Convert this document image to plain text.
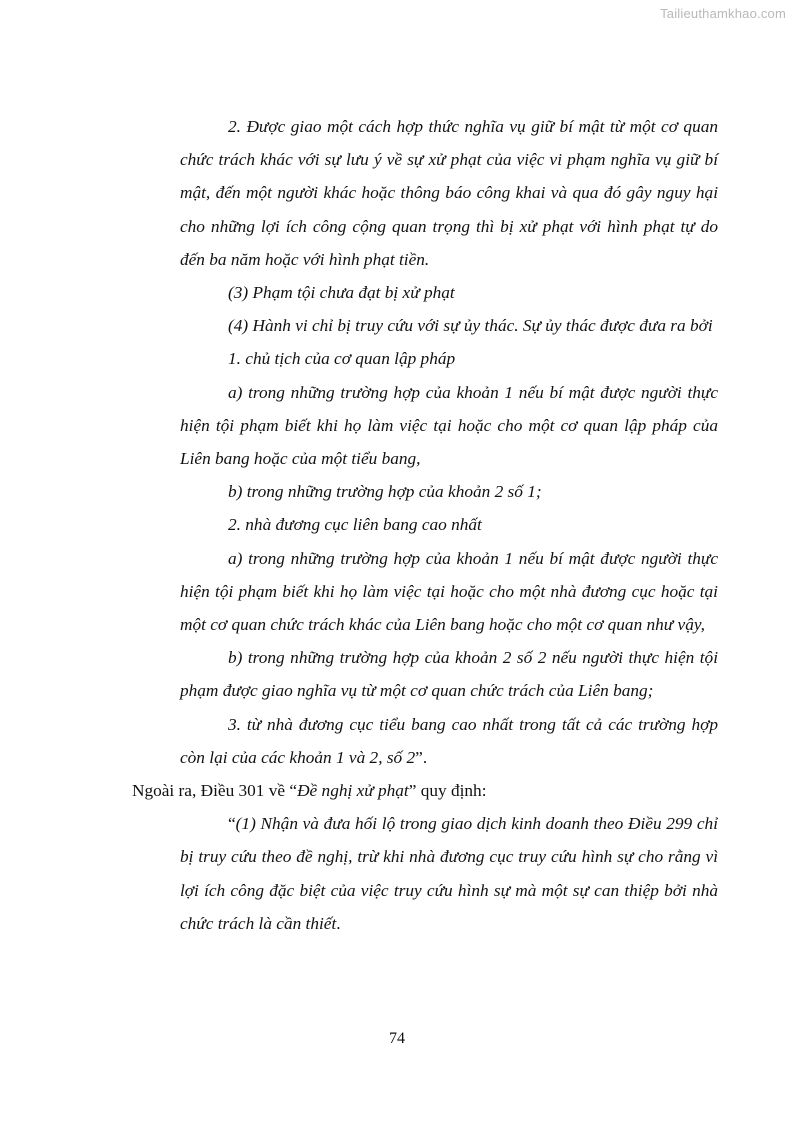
Tailieuthamkhao.com

2. Được giao một cách hợp thức nghĩa vụ giữ bí mật từ một cơ quan chức trách khác với sự lưu ý về sự xử phạt của việc vi phạm nghĩa vụ giữ bí mật, đến một người khác hoặc thông báo công khai và qua đó gây nguy hại cho những lợi ích công cộng quan trọng thì bị xử phạt với hình phạt tự do đến ba năm hoặc với hình phạt tiền.

(3) Phạm tội chưa đạt bị xử phạt

(4) Hành vi chỉ bị truy cứu với sự ủy thác. Sự ủy thác được đưa ra bởi

1. chủ tịch của cơ quan lập pháp

a) trong những trường hợp của khoản 1 nếu bí mật được người thực hiện tội phạm biết khi họ làm việc tại hoặc cho một cơ quan lập pháp của Liên bang hoặc của một tiểu bang,

b) trong những trường hợp của khoản 2 số 1;

2. nhà đương cục liên bang cao nhất

a) trong những trường hợp của khoản 1 nếu bí mật được người thực hiện tội phạm biết khi họ làm việc tại hoặc cho một nhà đương cục hoặc tại một cơ quan chức trách khác của Liên bang hoặc cho một cơ quan như vậy,

b) trong những trường hợp của khoản 2 số 2 nếu người thực hiện tội phạm được giao nghĩa vụ từ một cơ quan chức trách của Liên bang;

3. từ nhà đương cục tiểu bang cao nhất trong tất cả các trường hợp còn lại của các khoản 1 và 2, số 2”.

Ngoài ra, Điều 301 về “Đề nghị xử phạt” quy định:

“(1) Nhận và đưa hối lộ trong giao dịch kinh doanh theo Điều 299 chỉ bị truy cứu theo đề nghị, trừ khi nhà đương cục truy cứu hình sự cho rằng vì lợi ích công đặc biệt của việc truy cứu hình sự mà một sự can thiệp bởi nhà chức trách là cần thiết.

74
